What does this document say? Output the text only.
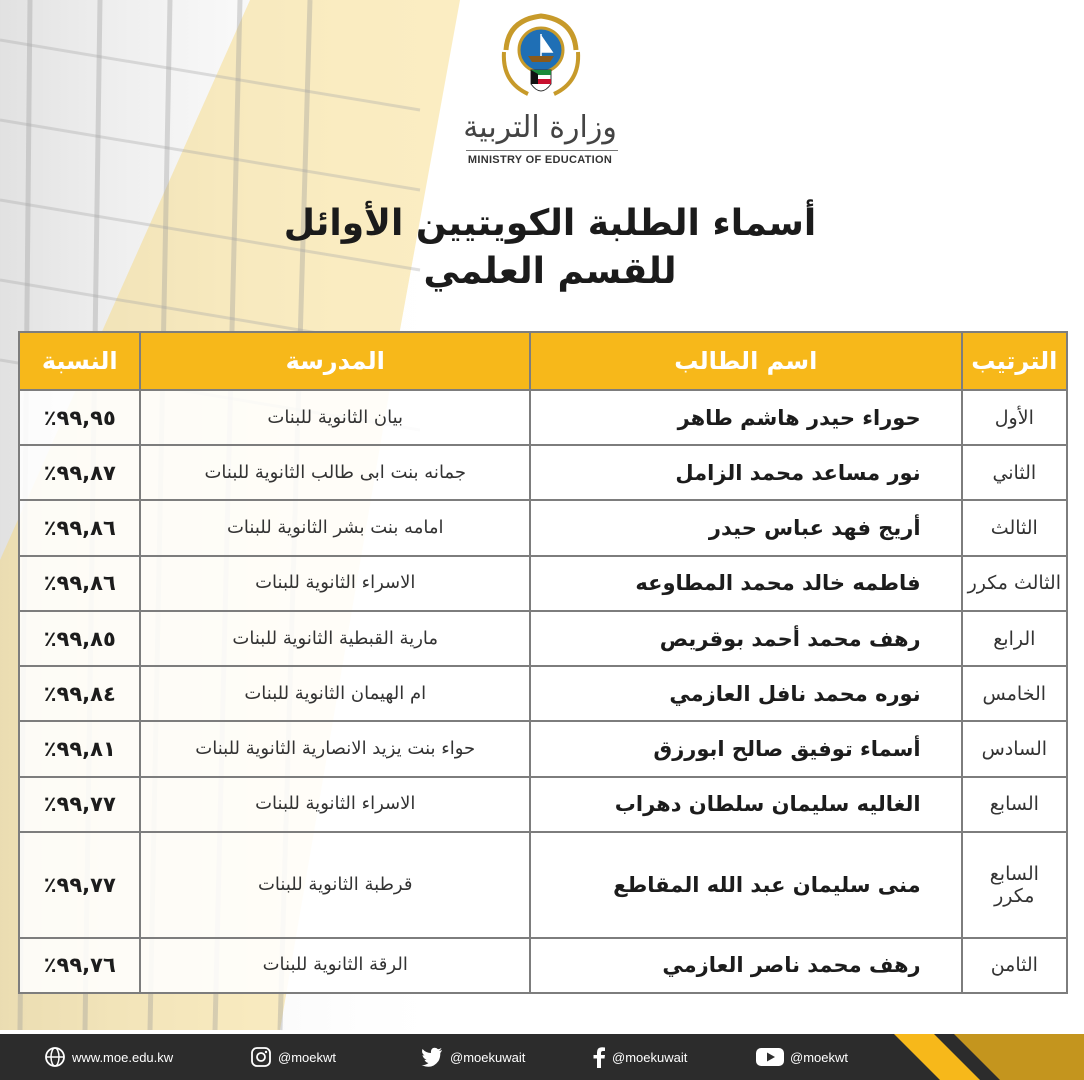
وزارة التربية
MINISTRY OF EDUCATION
أسماء الطلبة الكويتيين الأوائل
للقسم العلمي
الترتيب	اسم الطالب	المدرسة	النسبة
الأول	حوراء حيدر هاشم طاهر	بيان الثانوية للبنات	٩٩,٩٥٪
الثاني	نور مساعد محمد الزامل	جمانه بنت ابى طالب الثانوية للبنات	٩٩,٨٧٪
الثالث	أريج فهد عباس حيدر	امامه بنت بشر الثانوية للبنات	٩٩,٨٦٪
الثالث مكرر	فاطمه خالد محمد المطاوعه	الاسراء الثانوية للبنات	٩٩,٨٦٪
الرابع	رهف محمد أحمد بوقريص	مارية القبطية الثانوية للبنات	٩٩,٨٥٪
الخامس	نوره محمد نافل العازمي	ام الهيمان الثانوية للبنات	٩٩,٨٤٪
السادس	أسماء توفيق صالح ابورزق	حواء بنت يزيد الانصارية الثانوية للبنات	٩٩,٨١٪
السابع	الغاليه سليمان سلطان دهراب	الاسراء الثانوية للبنات	٩٩,٧٧٪
السابع مكرر	منى سليمان عبد الله المقاطع	قرطبة الثانوية للبنات	٩٩,٧٧٪
الثامن	رهف محمد ناصر العازمي	الرقة الثانوية للبنات	٩٩,٧٦٪
www.moe.edu.kw	@moekwt	@moekuwait	@moekuwait	@moekwt
